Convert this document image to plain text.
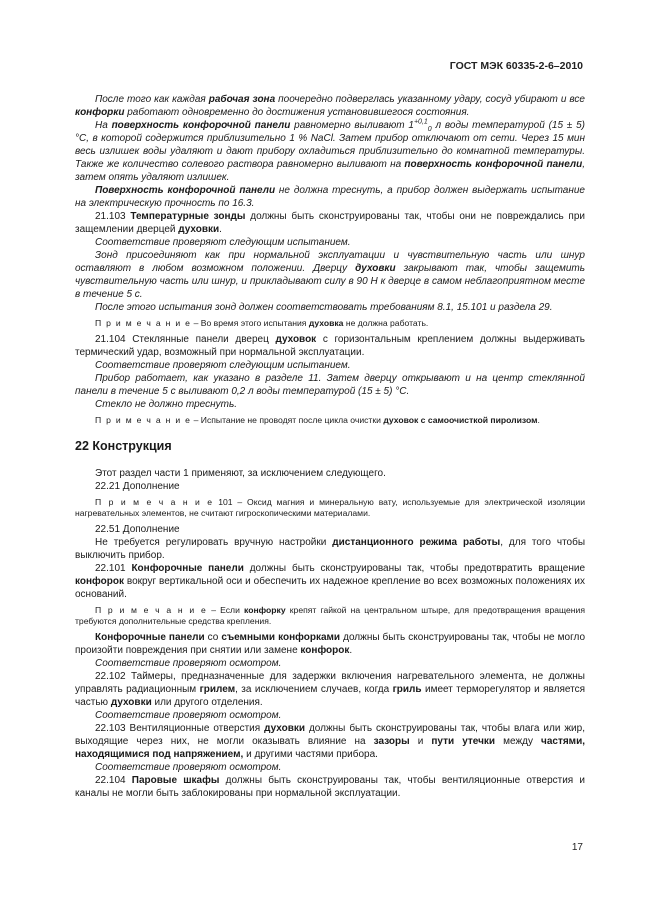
ГОСТ МЭК 60335-2-6–2010

После того как каждая рабочая зона поочередно подверглась указанному удару, сосуд убирают и все конфорки работают одновременно до достижения установившегося состояния.

На поверхность конфорочной панели равномерно выливают $1^{+0,1}_0$ л воды температурой (15 ± 5) °С, в которой содержится приблизительно 1 % NaCl. Затем прибор отключают от сети. Через 15 мин весь излишек воды удаляют и дают прибору охладиться приблизительно до комнатной температуры. Также же количество солевого раствора равномерно выливают на поверхность конфорочной панели, затем опять удаляют излишек.

Поверхность конфорочной панели не должна треснуть, а прибор должен выдержать испытание на электрическую прочность по 16.3.

21.103 Температурные зонды должны быть сконструированы так, чтобы они не повреждались при защемлении дверцей духовки.

Соответствие проверяют следующим испытанием.

Зонд присоединяют как при нормальной эксплуатации и чувствительную часть или шнур оставляют в любом возможном положении. Дверцу духовки закрывают так, чтобы защемить чувствительную часть или шнур, и прикладывают силу в 90 Н к дверце в самом неблагоприятном месте в течение 5 с.

После этого испытания зонд должен соответствовать требованиям 8.1, 15.101 и раздела 29.

П р и м е ч а н и е – Во время этого испытания духовка не должна работать.

21.104 Стеклянные панели дверец духовок с горизонтальным креплением должны выдерживать термический удар, возможный при нормальной эксплуатации.

Соответствие проверяют следующим испытанием.

Прибор работает, как указано в разделе 11. Затем дверцу открывают и на центр стеклянной панели в течение 5 с выливают 0,2 л воды температурой (15 ± 5) °С.

Стекло не должно треснуть.

П р и м е ч а н и е – Испытание не проводят после цикла очистки духовок с самоочисткой пиролизом.

22 Конструкция

Этот раздел части 1 применяют, за исключением следующего.

22.21 Дополнение

П р и м е ч а н и е 101 – Оксид магния и минеральную вату, используемые для электрической изоляции нагревательных элементов, не считают гигроскопическими материалами.

22.51 Дополнение

Не требуется регулировать вручную настройки дистанционного режима работы, для того чтобы выключить прибор.

22.101 Конфорочные панели должны быть сконструированы так, чтобы предотвратить вращение конфорок вокруг вертикальной оси и обеспечить их надежное крепление во всех возможных положениях их оснований.

П р и м е ч а н и е – Если конфорку крепят гайкой на центральном штыре, для предотвращения вращения требуются дополнительные средства крепления.

Конфорочные панели со съемными конфорками должны быть сконструированы так, чтобы не могло произойти повреждения при снятии или замене конфорок.

Соответствие проверяют осмотром.

22.102 Таймеры, предназначенные для задержки включения нагревательного элемента, не должны управлять радиационным грилем, за исключением случаев, когда гриль имеет терморегулятор и является частью духовки или другого отделения.

Соответствие проверяют осмотром.

22.103 Вентиляционные отверстия духовки должны быть сконструированы так, чтобы влага или жир, выходящие через них, не могли оказывать влияние на зазоры и пути утечки между частями, находящимися под напряжением, и другими частями прибора.

Соответствие проверяют осмотром.

22.104 Паровые шкафы должны быть сконструированы так, чтобы вентиляционные отверстия и каналы не могли быть заблокированы при нормальной эксплуатации.

17
